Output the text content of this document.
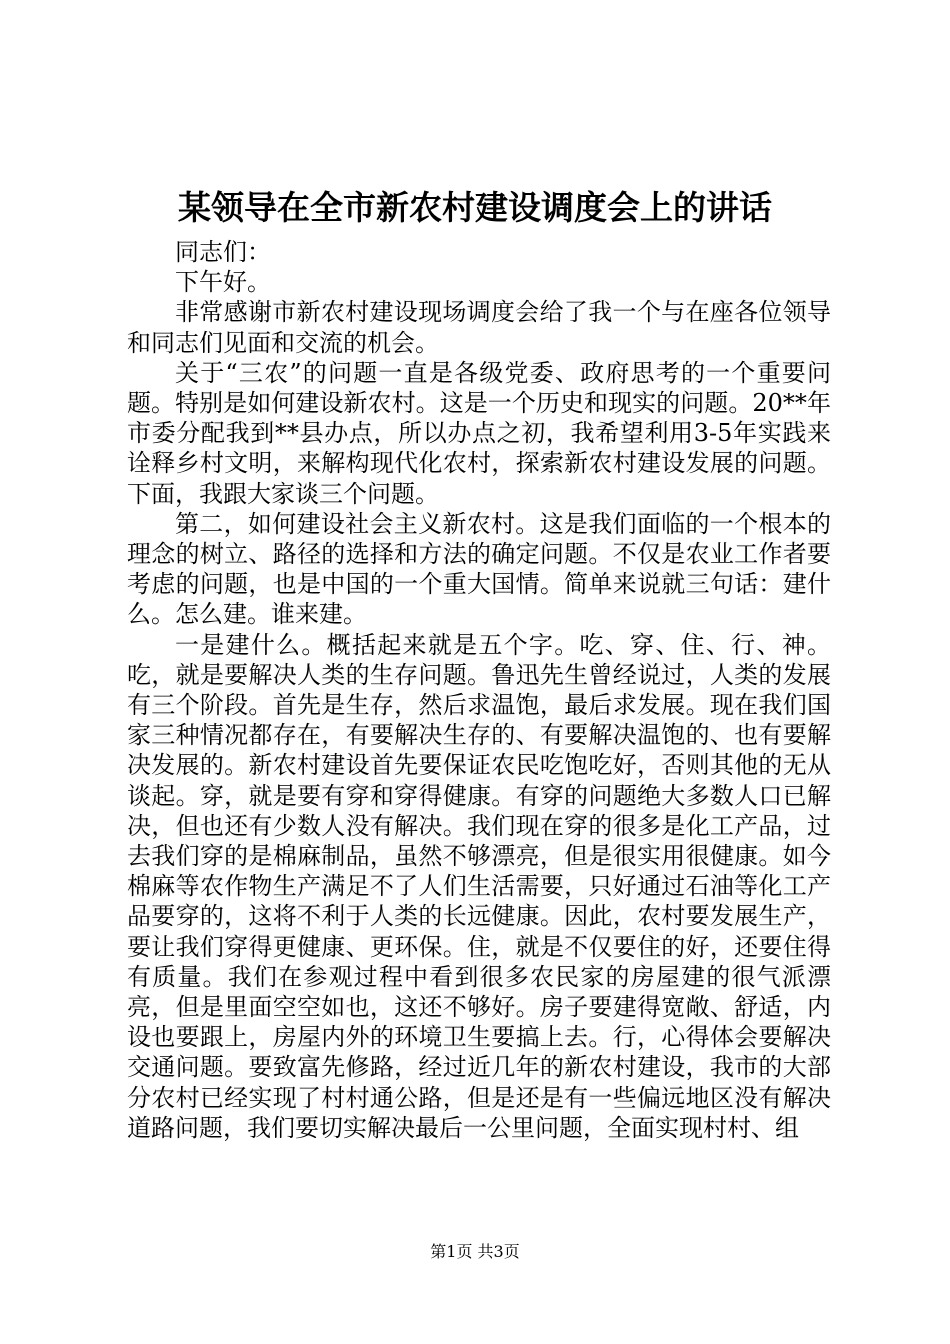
某领导在全市新农村建设调度会上的讲话

同志们：

下午好。

非常感谢市新农村建设现场调度会给了我一个与在座各位领导和同志们见面和交流的机会。

关于“三农”的问题一直是各级党委、政府思考的一个重要问题。特别是如何建设新农村。这是一个历史和现实的问题。20**年市委分配我到**县办点，所以办点之初，我希望利用3-5年实践来诠释乡村文明，来解构现代化农村，探索新农村建设发展的问题。下面，我跟大家谈三个问题。

第二，如何建设社会主义新农村。这是我们面临的一个根本的理念的树立、路径的选择和方法的确定问题。不仅是农业工作者要考虑的问题，也是中国的一个重大国情。简单来说就三句话：建什么。怎么建。谁来建。

一是建什么。概括起来就是五个字。吃、穿、住、行、神。吃，就是要解决人类的生存问题。鲁迅先生曾经说过，人类的发展有三个阶段。首先是生存，然后求温饱，最后求发展。现在我们国家三种情况都存在，有要解决生存的、有要解决温饱的、也有要解决发展的。新农村建设首先要保证农民吃饱吃好，否则其他的无从谈起。穿，就是要有穿和穿得健康。有穿的问题绝大多数人口已解决，但也还有少数人没有解决。我们现在穿的很多是化工产品，过去我们穿的是棉麻制品，虽然不够漂亮，但是很实用很健康。如今棉麻等农作物生产满足不了人们生活需要，只好通过石油等化工产品要穿的，这将不利于人类的长远健康。因此，农村要发展生产，要让我们穿得更健康、更环保。住，就是不仅要住的好，还要住得有质量。我们在参观过程中看到很多农民家的房屋建的很气派漂亮，但是里面空空如也，这还不够好。房子要建得宽敞、舒适，内设也要跟上，房屋内外的环境卫生要搞上去。行，心得体会要解决交通问题。要致富先修路，经过近几年的新农村建设，我市的大部分农村已经实现了村村通公路，但是还是有一些偏远地区没有解决道路问题，我们要切实解决最后一公里问题，全面实现村村、组

第1页 共3页
